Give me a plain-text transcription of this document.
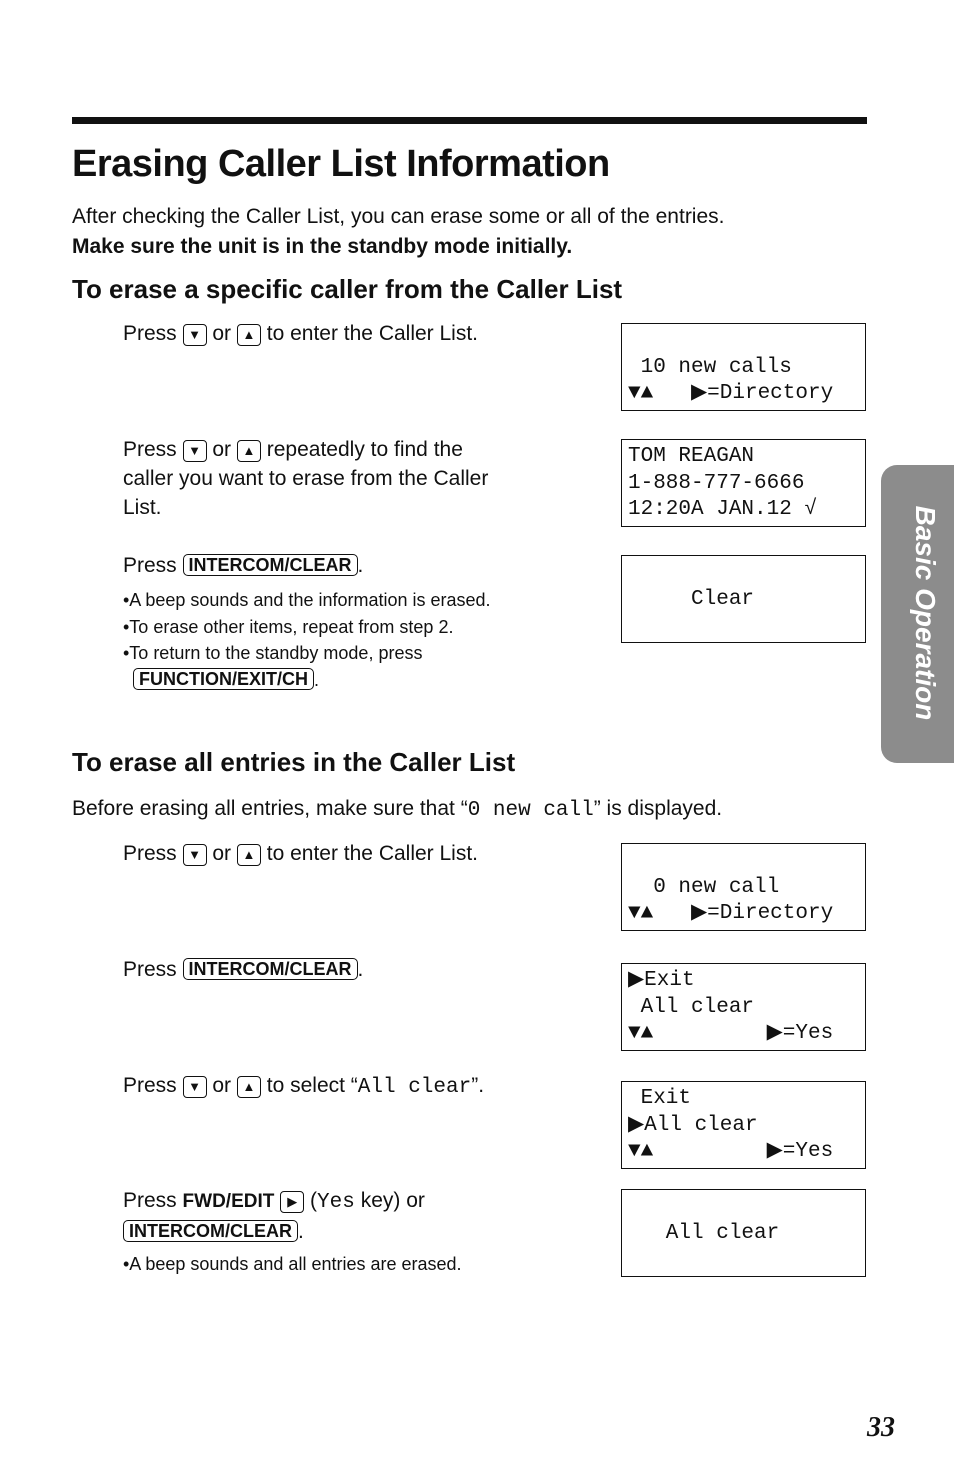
Erasing Caller List Information
After checking the Caller List, you can erase some or all of the entries.
Make sure the unit is in the standby mode initially.
To erase a specific caller from the Caller List
Press ▼ or ▲ to enter the Caller List.
Press ▼ or ▲ repeatedly to find the
caller you want to erase from the Caller
List.
Press INTERCOM/CLEAR .
•A beep sounds and the information is erased.
•To erase other items, repeat from step 2.
•To return to the standby mode, press
FUNCTION/EXIT/CH .
To erase all entries in the Caller List
Before erasing all entries, make sure that “0 new call” is displayed.
Press ▼ or ▲ to enter the Caller List.
Press INTERCOM/CLEAR .
Press ▼ or ▲ to select “All clear”.
Press FWD/EDIT ▶ (Yes key) or
INTERCOM/CLEAR .
•A beep sounds and all entries are erased.

10 new calls

▼▲   ▶=Directory

TOM REAGAN

1-888-777-6666

12:20A JAN.12 √

Clear

0 new call

▼▲   ▶=Directory

▶Exit

All clear

▼▲         ▶=Yes

Exit

▶All clear

▼▲         ▶=Yes

All clear

Basic Operation
33
